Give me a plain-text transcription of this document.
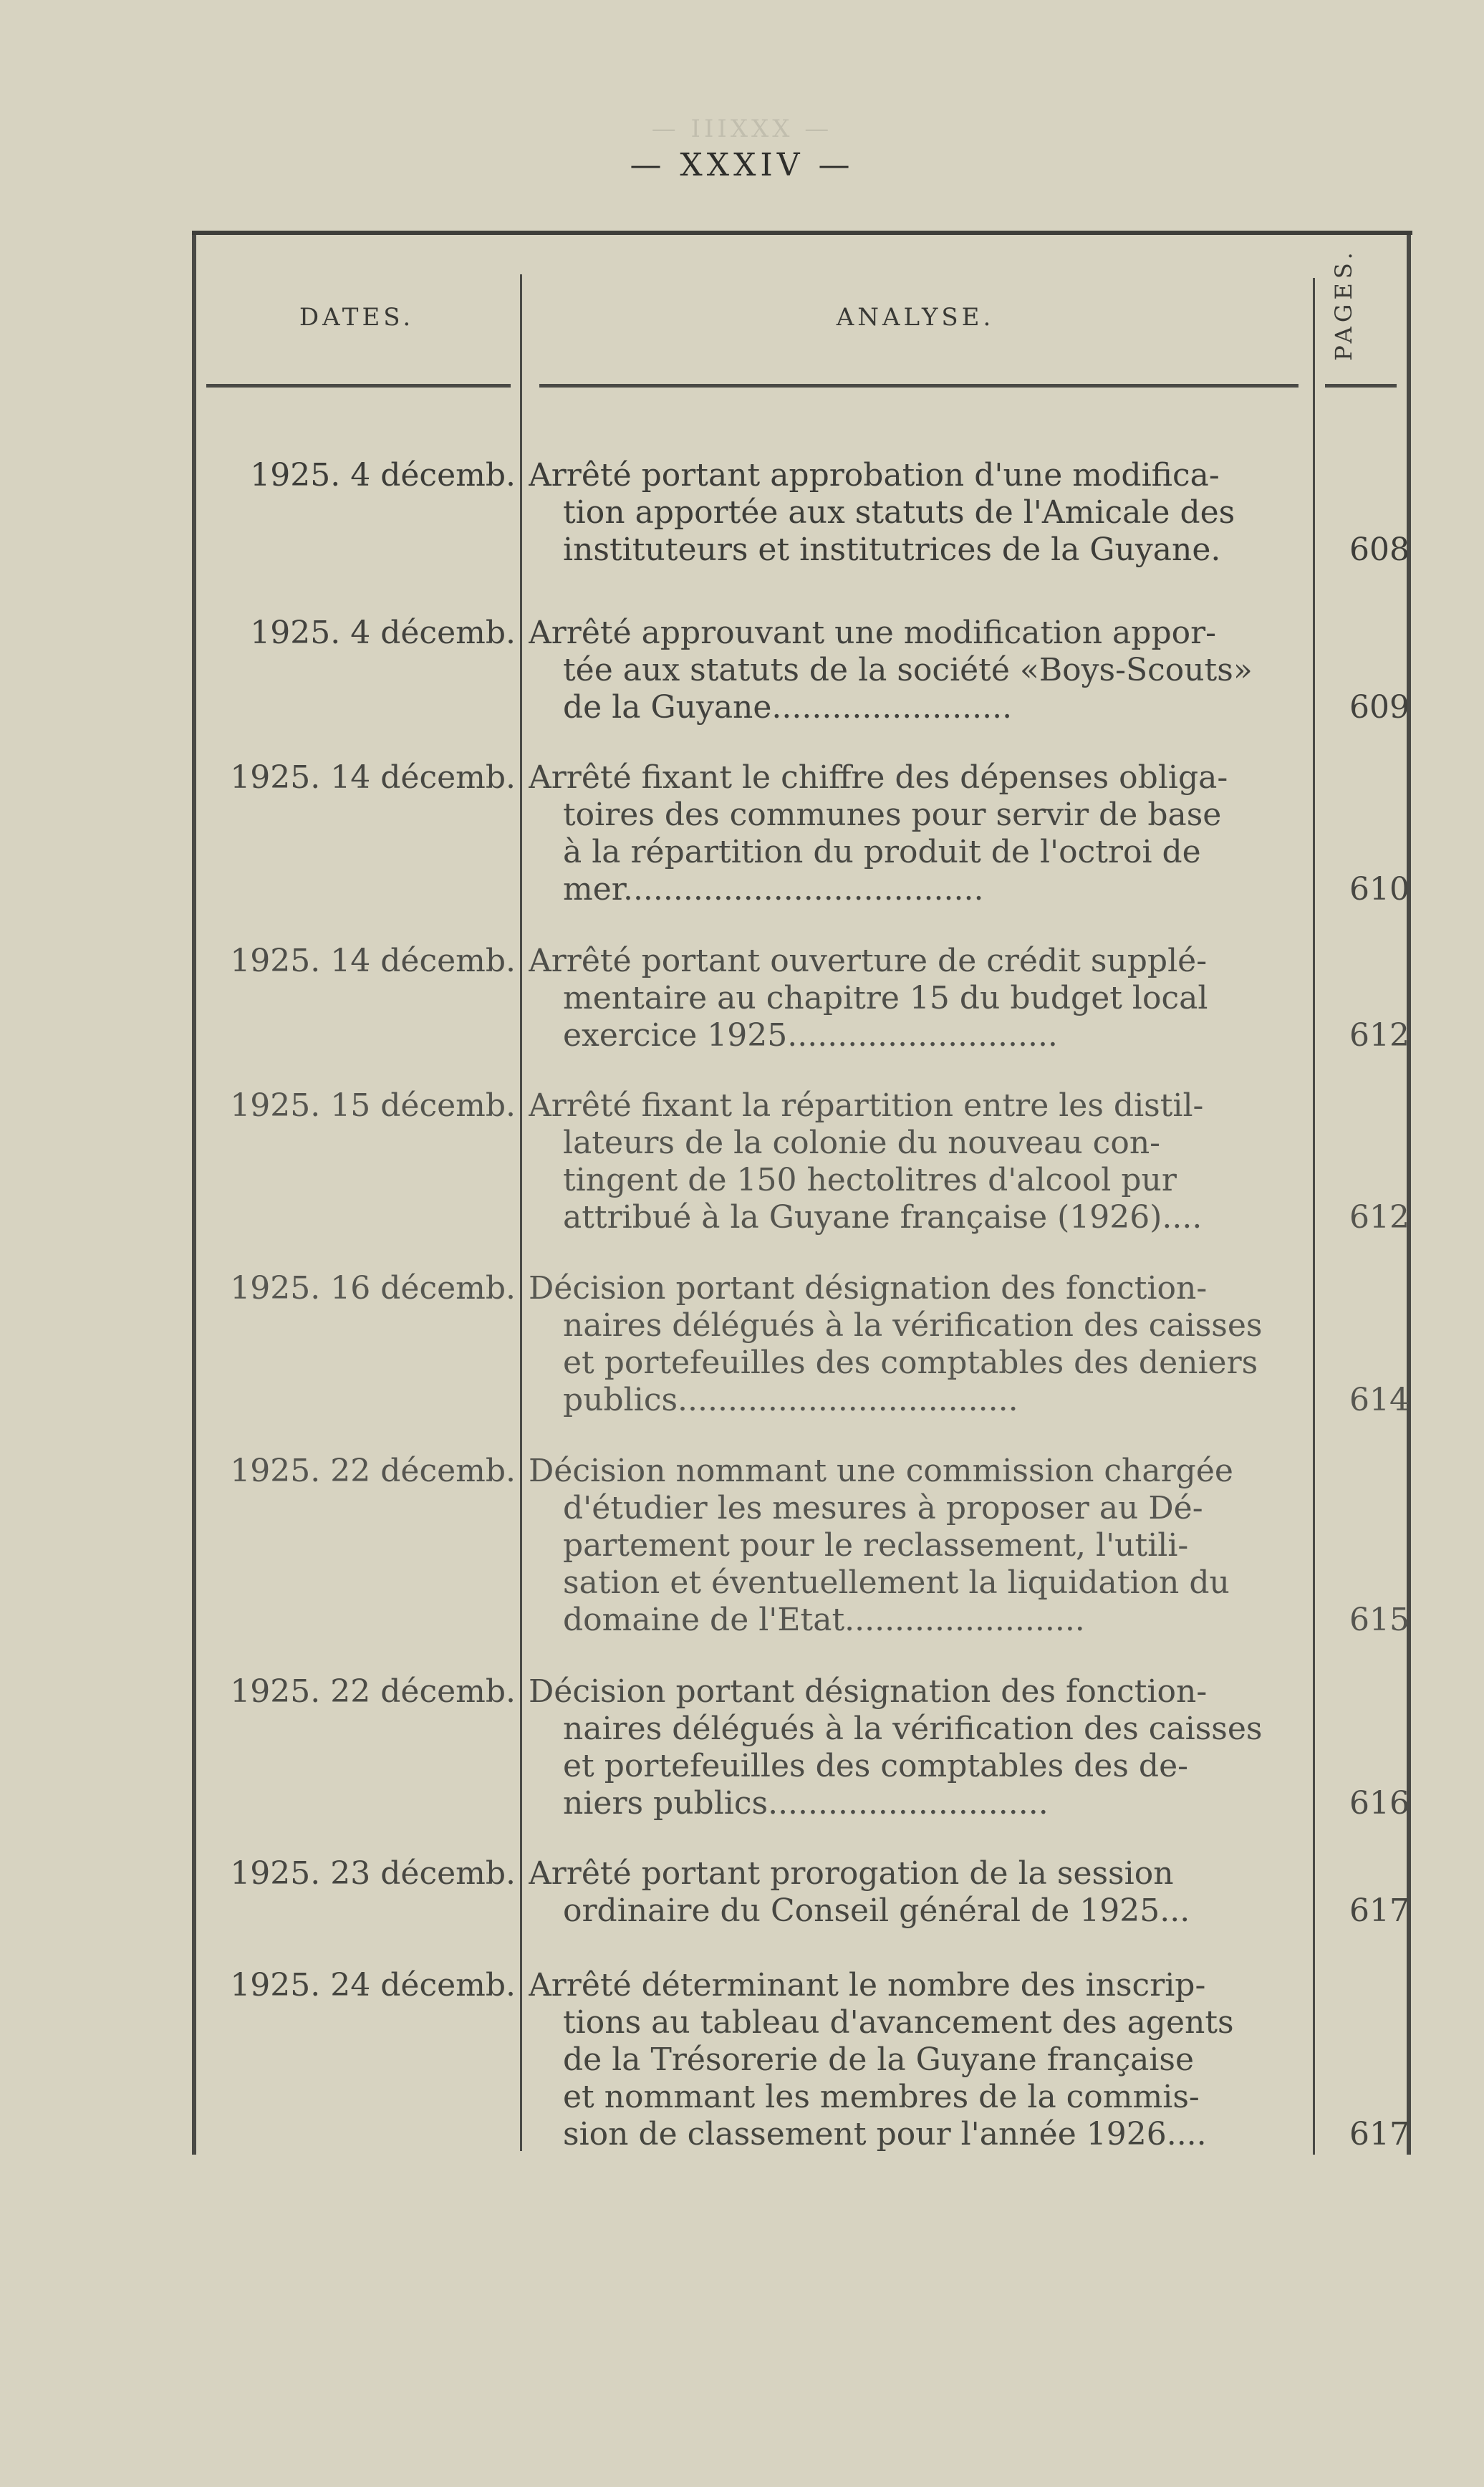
— IIIXXX —
— XXXIV —
DATES.	ANALYSE.	PAGES.
1925. 4 décemb. Arrêté portant approbation d'une modifica-
tion apportée aux statuts de l'Amicale des
instituteurs et institutrices de la Guyane.	608
1925. 4 décemb. Arrêté approuvant une modification appor-
tée aux statuts de la société «Boys-Scouts»
de la Guyane........................	609
1925. 14 décemb. Arrêté fixant le chiffre des dépenses obliga-
toires des communes pour servir de base
à la répartition du produit de l'octroi de
mer....................................	610
1925. 14 décemb. Arrêté portant ouverture de crédit supplé-
mentaire au chapitre 15 du budget local
exercice 1925...........................	612
1925. 15 décemb. Arrêté fixant la répartition entre les distil-
lateurs de la colonie du nouveau con-
tingent de 150 hectolitres d'alcool pur
attribué à la Guyane française (1926)....	612
1925. 16 décemb. Décision portant désignation des fonction-
naires délégués à la vérification des caisses
et portefeuilles des comptables des deniers
publics..................................	614
1925. 22 décemb. Décision nommant une commission chargée
d'étudier les mesures à proposer au Dé-
partement pour le reclassement, l'utili-
sation et éventuellement la liquidation du
domaine de l'Etat........................	615
1925. 22 décemb. Décision portant désignation des fonction-
naires délégués à la vérification des caisses
et portefeuilles des comptables des de-
niers publics............................	616
1925. 23 décemb. Arrêté portant prorogation de la session
ordinaire du Conseil général de 1925...	617
1925. 24 décemb. Arrêté déterminant le nombre des inscrip-
tions au tableau d'avancement des agents
de la Trésorerie de la Guyane française
et nommant les membres de la commis-
sion de classement pour l'année 1926....	617
